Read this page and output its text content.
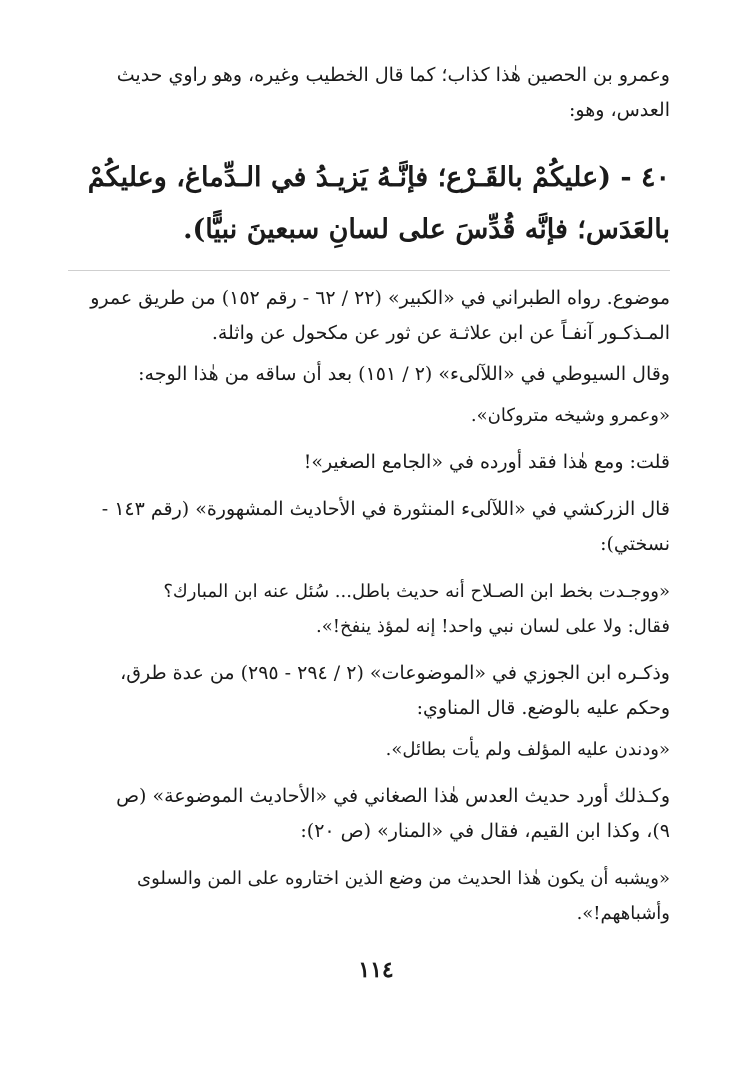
وعمرو بن الحصين هٰذا كذاب؛ كما قال الخطيب وغيره، وهو راوي حديث
العدس، وهو:

٤٠ - (عليكُمْ بالقَـرْع؛ فإنَّـهُ يَزيـدُ في الـدِّماغ، وعليكُمْ
بالعَدَس؛ فإنَّه قُدِّسَ على لسانِ سبعينَ نبيًّا).

موضوع. رواه الطبراني في «الكبير» (٢٢ / ٦٢ - رقم ١٥٢) من طريق عمرو
المـذكـور آنفـاً عن ابن علاثـة عن ثور عن مكحول عن واثلة.

وقال السيوطي في «اللآلىء» (٢ / ١٥١) بعد أن ساقه من هٰذا الوجه:

«وعمرو وشيخه متروكان».

قلت: ومع هٰذا فقد أورده في «الجامع الصغير»!

قال الزركشي في «اللآلىء المنثورة في الأحاديث المشهورة» (رقم ١٤٣ -
نسختي):

«ووجـدت بخط ابن الصـلاح أنه حديث باطل... سُئل عنه ابن المبارك؟
فقال: ولا على لسان نبي واحد! إنه لمؤذ ينفخ!».

وذكـره ابن الجوزي في «الموضوعات» (٢ / ٢٩٤ - ٢٩٥) من عدة طرق،
وحكم عليه بالوضع. قال المناوي:

«ودندن عليه المؤلف ولم يأت بطائل».

وكـذلك أورد حديث العدس هٰذا الصغاني في «الأحاديث الموضوعة» (ص
٩)، وكذا ابن القيم، فقال في «المنار» (ص ٢٠):

«ويشبه أن يكون هٰذا الحديث من وضع الذين اختاروه على المن والسلوى
وأشباههم!».

١١٤
